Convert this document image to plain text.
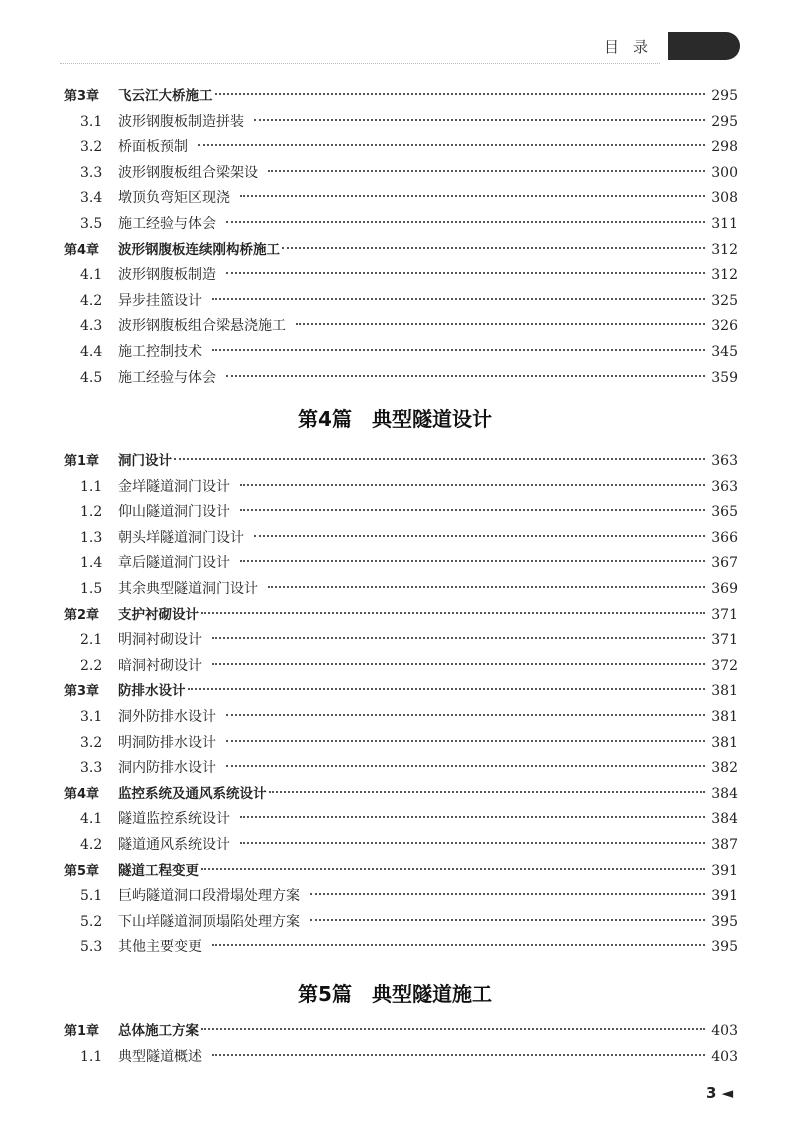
目录
第3章	飞云江大桥施工	295
3.1	波形钢腹板制造拼装	295
3.2	桥面板预制	298
3.3	波形钢腹板组合梁架设	300
3.4	墩顶负弯矩区现浇	308
3.5	施工经验与体会	311
第4章	波形钢腹板连续刚构桥施工	312
4.1	波形钢腹板制造	312
4.2	异步挂篮设计	325
4.3	波形钢腹板组合梁悬浇施工	326
4.4	施工控制技术	345
4.5	施工经验与体会	359
第4篇 典型隧道设计
第1章	洞门设计	363
1.1	金垟隧道洞门设计	363
1.2	仰山隧道洞门设计	365
1.3	朝头垟隧道洞门设计	366
1.4	章后隧道洞门设计	367
1.5	其余典型隧道洞门设计	369
第2章	支护衬砌设计	371
2.1	明洞衬砌设计	371
2.2	暗洞衬砌设计	372
第3章	防排水设计	381
3.1	洞外防排水设计	381
3.2	明洞防排水设计	381
3.3	洞内防排水设计	382
第4章	监控系统及通风系统设计	384
4.1	隧道监控系统设计	384
4.2	隧道通风系统设计	387
第5章	隧道工程变更	391
5.1	巨屿隧道洞口段滑塌处理方案	391
5.2	下山垟隧道洞顶塌陷处理方案	395
5.3	其他主要变更	395
第5篇 典型隧道施工
第1章	总体施工方案	403
1.1	典型隧道概述	403
3 ◄
